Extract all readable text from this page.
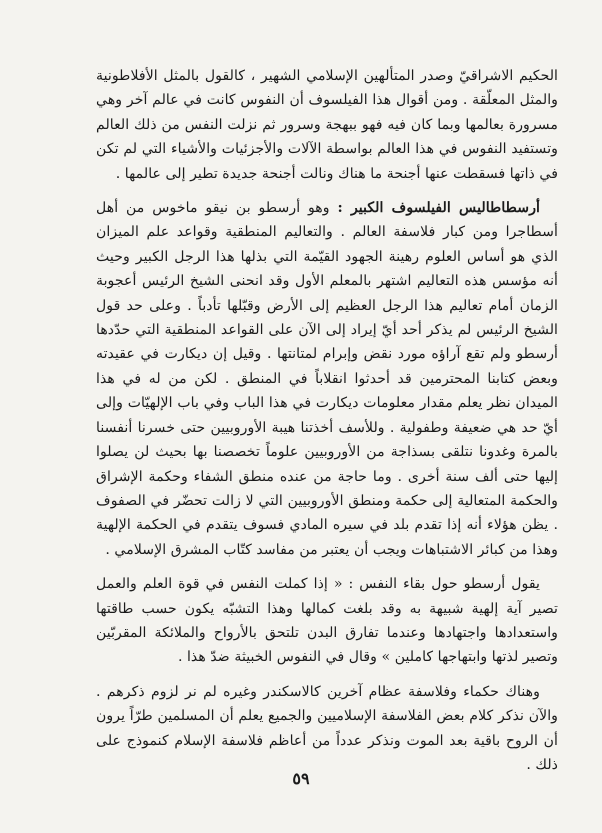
الحكيم الاشراقيّ وصدر المتألهين الإسلامي الشهير ، كالقول بالمثل الأفلاطونية والمثل المعلّقة . ومن أقوال هذا الفيلسوف أن النفوس كانت في عالم آخر وهي مسرورة بعالمها وبما كان فيه فهو ببهجة وسرور ثم نزلت النفس من ذلك العالم وتستفيد النفوس في هذا العالم بواسطة الآلات والأجزئيات والأشياء التي لم تكن في ذاتها فسقطت عنها أجنحة ما هناك ونالت أجنحة جديدة تطير إلى عالمها .

أرسطاطاليس الفيلسوف الكبير : وهو أرسطو بن نيقو ماخوس من أهل أسطاجرا ومن كبار فلاسفة العالم . والتعاليم المنطقية وقواعد علم الميزان الذي هو أساس العلوم رهينة الجهود القيّمة التي بذلها هذا الرجل الكبير وحيث أنه مؤسس هذه التعاليم اشتهر بالمعلم الأول وقد انحنى الشيخ الرئيس أعجوبة الزمان أمام تعاليم هذا الرجل العظيم إلى الأرض وقبّلها تأدباً . وعلى حد قول الشيخ الرئيس لم يذكر أحد أيّ إيراد إلى الآن على القواعد المنطقية التي حدّدها أرسطو ولم تقع آراؤه مورد نقض وإبرام لمتانتها . وقيل إن ديكارت في عقيدته وبعض كتابنا المحترمين قد أحدثوا انقلاباً في المنطق . لكن من له في هذا الميدان نظر يعلم مقدار معلومات ديكارت في هذا الباب وفي باب الإلهيّات وإلى أيّ حد هي ضعيفة وطفولية . وللأسف أخذتنا هيبة الأوروبيين حتى خسرنا أنفسنا بالمرة وغدونا نتلقى بسذاجة من الأوروبيين علوماً تخصصنا بها بحيث لن يصلوا إليها حتى ألف سنة أخرى . وما حاجة من عنده منطق الشفاء وحكمة الإشراق والحكمة المتعالية إلى حكمة ومنطق الأوروبيين التي لا زالت تحضّر في الصفوف . يظن هؤلاء أنه إذا تقدم بلد في سيره المادي فسوف يتقدم في الحكمة الإلهية وهذا من كبائر الاشتباهات ويجب أن يعتبر من مفاسد كتّاب المشرق الإسلامي .

يقول أرسطو حول بقاء النفس : « إذا كملت النفس في قوة العلم والعمل تصير آية إلهية شبيهة به وقد بلغت كمالها وهذا التشبّه يكون حسب طاقتها واستعدادها واجتهادها وعندما تفارق البدن تلتحق بالأرواح والملائكة المقربّين وتصير لذتها وابتهاجها كاملين » وقال في النفوس الخبيثة ضدّ هذا .

وهناك حكماء وفلاسفة عظام آخرين كالاسكندر وغيره لم نر لزوم ذكرهم . والآن نذكر كلام بعض الفلاسفة الإسلاميين والجميع يعلم أن المسلمين طرّاً يرون أن الروح باقية بعد الموت ونذكر عدداً من أعاظم فلاسفة الإسلام كنموذج على ذلك .

٥٩
